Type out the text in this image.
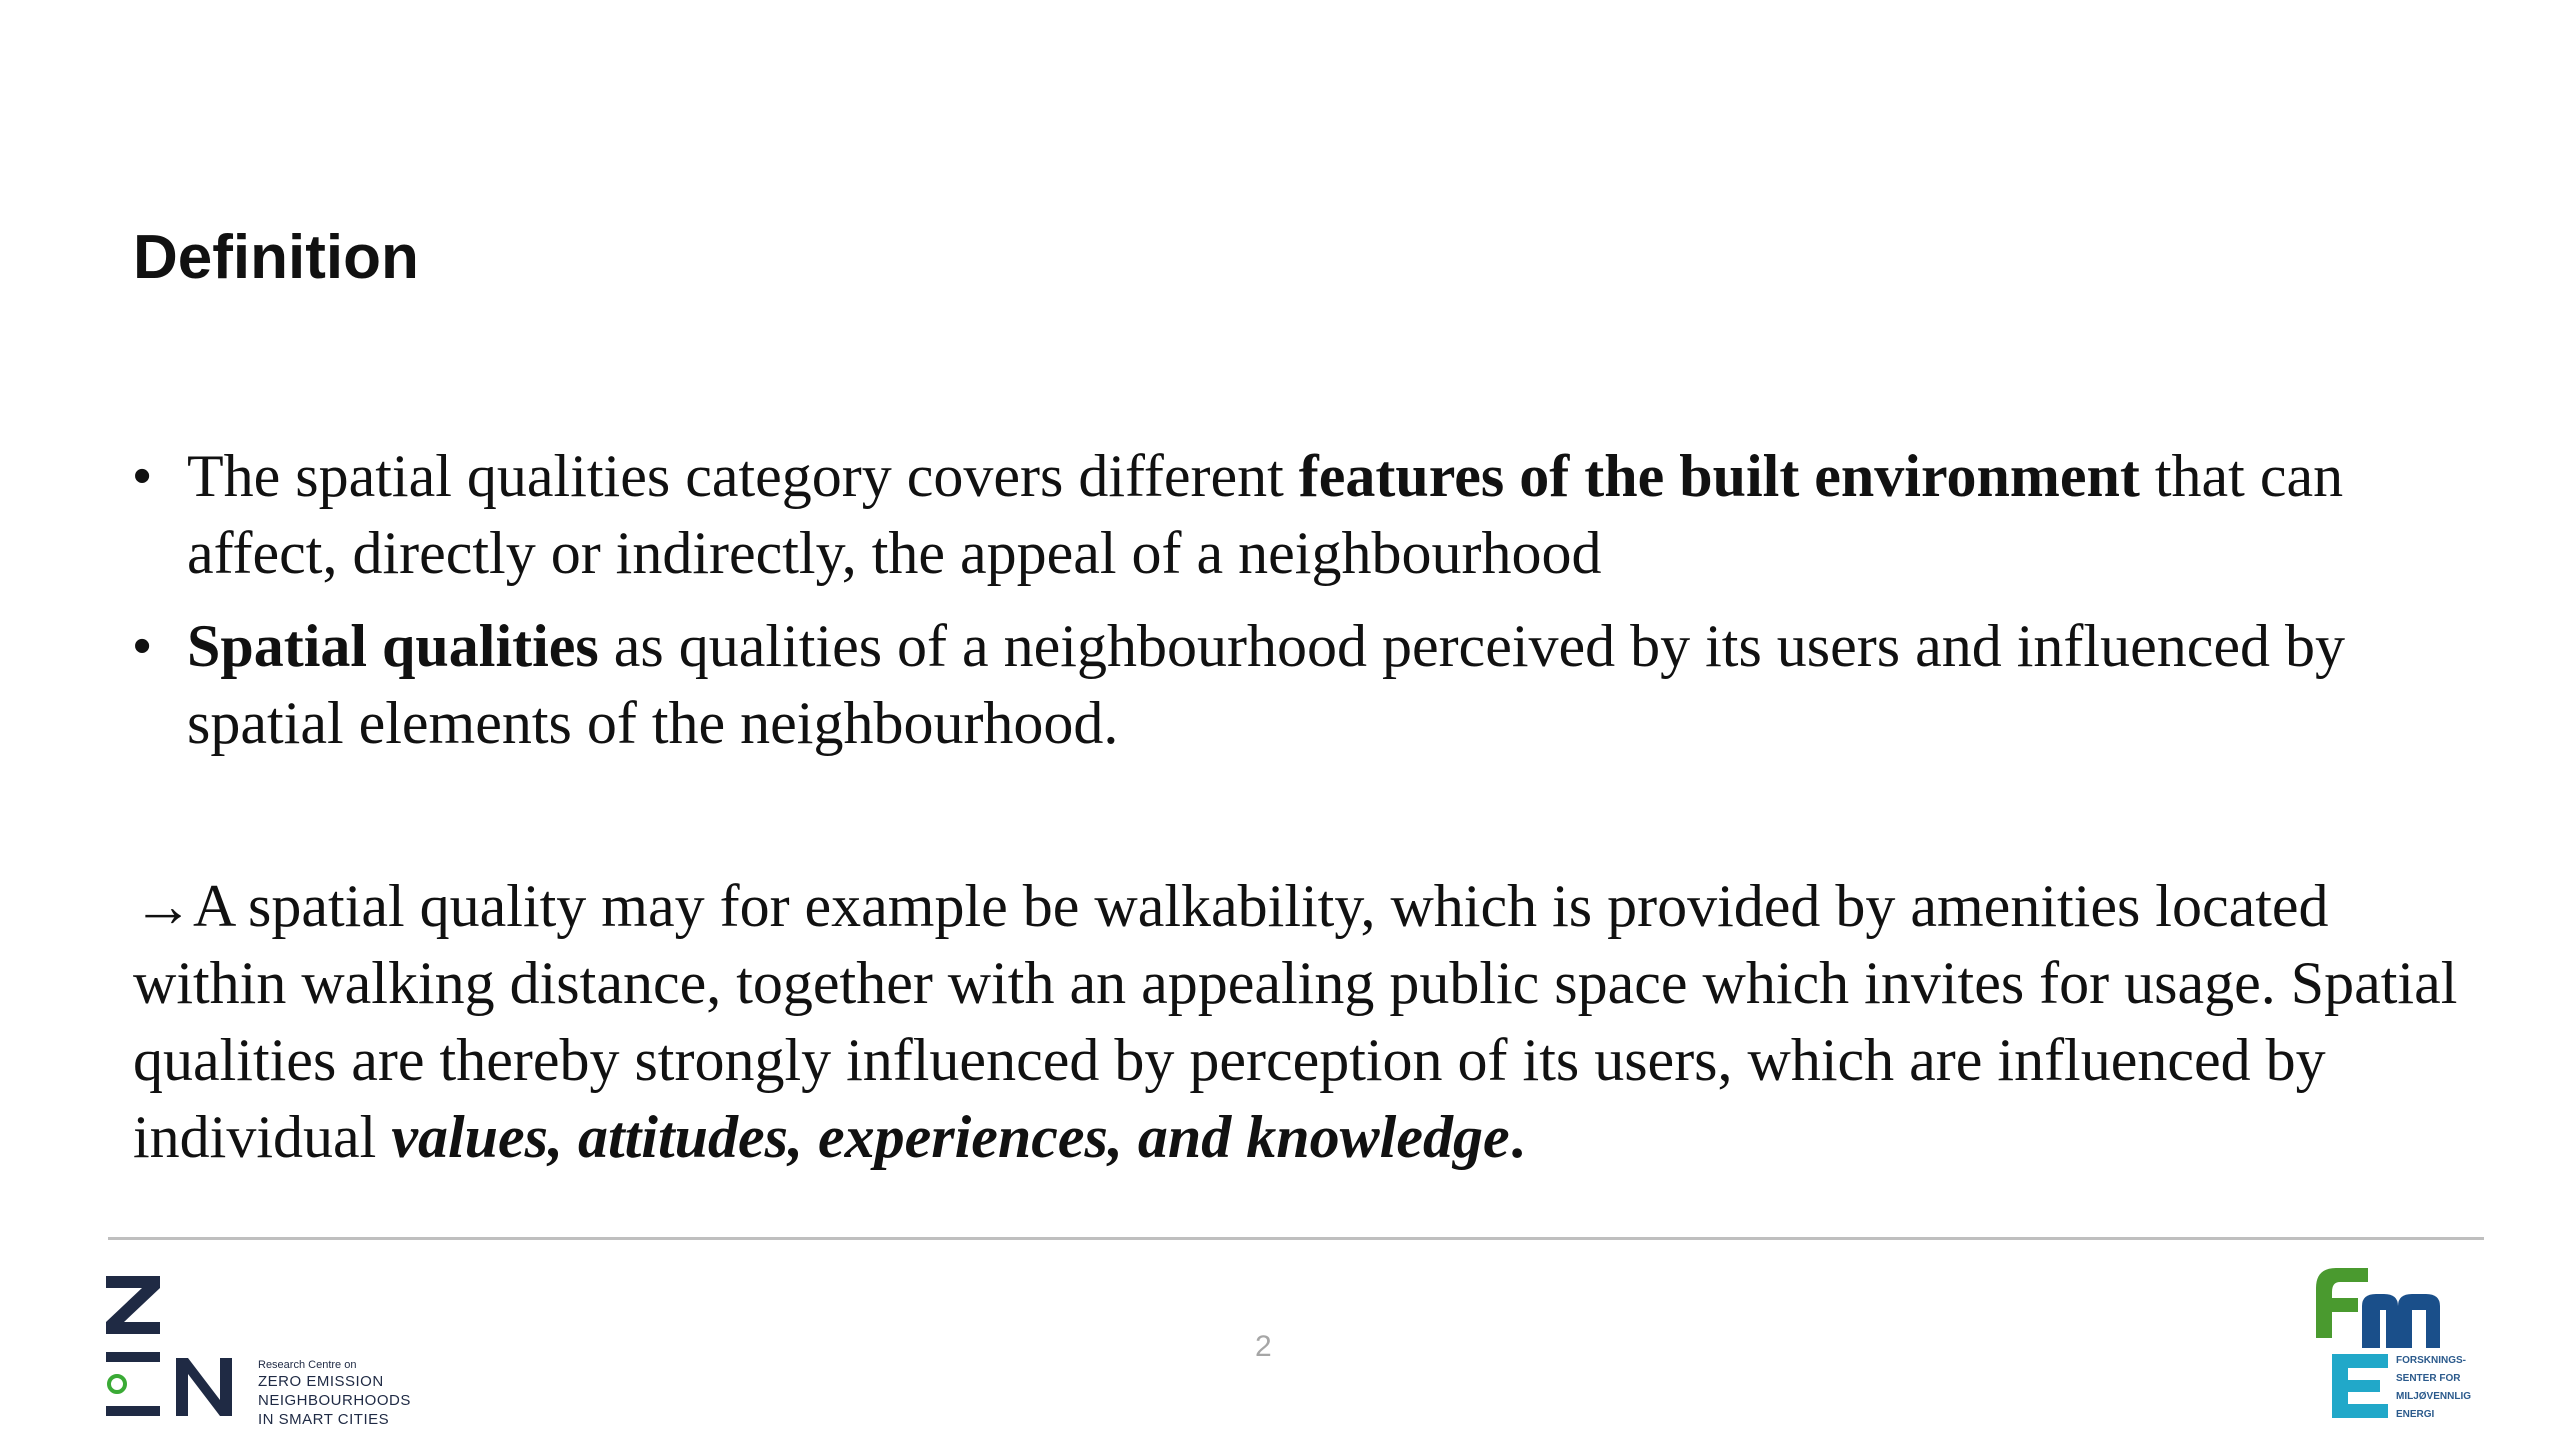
Definition
• The spatial qualities category covers different features of the built environment that can affect, directly or indirectly, the appeal of a neighbourhood
• Spatial qualities as qualities of a neighbourhood perceived by its users and influenced by spatial elements of the neighbourhood.

→A spatial quality may for example be walkability, which is provided by amenities located within walking distance, together with an appealing public space which invites for usage. Spatial qualities are thereby strongly influenced by perception of its users, which are influenced by individual values, attitudes, experiences, and knowledge.

2
Research Centre on
ZERO EMISSION
NEIGHBOURHOODS
IN SMART CITIES
FORSKNINGS-
SENTER FOR
MILJØVENNLIG
ENERGI
